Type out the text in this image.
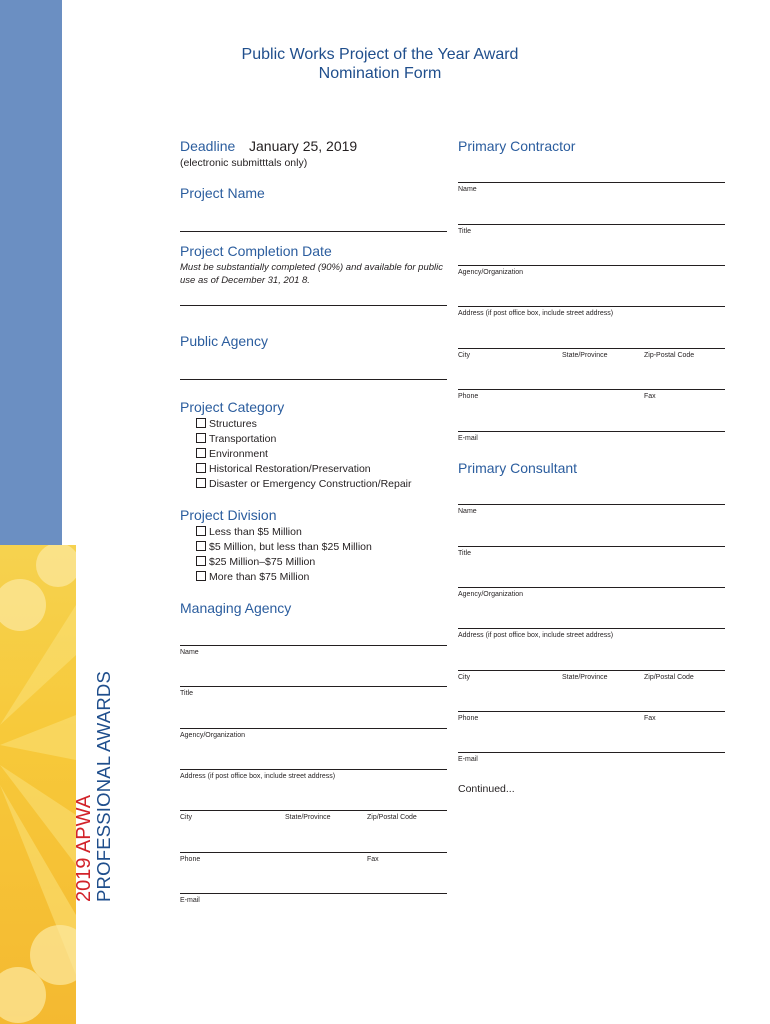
2019 APWA
PROFESSIONAL AWARDS
Public Works Project of the Year Award
Nomination Form
Deadline January 25, 2019
(electronic submitttals only)
Project Name
Project Completion Date
Must be substantially completed (90%) and available for public
use as of December 31, 201 8.
Public Agency
Project Category
Structures
Transportation
Environment
Historical Restoration/Preservation
Disaster or Emergency Construction/Repair
Project Division
Less than $5 Million
$5 Million, but less than $25 Million
$25 Million–$75 Million
More than $75 Million
Managing Agency
Name
Title
Agency/Organization
Address (if post office box, include street address)
City	State/Province	Zip/Postal Code
Phone	Fax
E-mail
Primary Contractor
Name
Title
Agency/Organization
Address (if post office box, include street address)
City	State/Province	Zip-Postal Code
Phone	Fax
E-mail
Primary Consultant
Name
Title
Agency/Organization
Address (if post office box, include street address)
City	State/Province	Zip/Postal Code
Phone	Fax
E-mail
Continued...
